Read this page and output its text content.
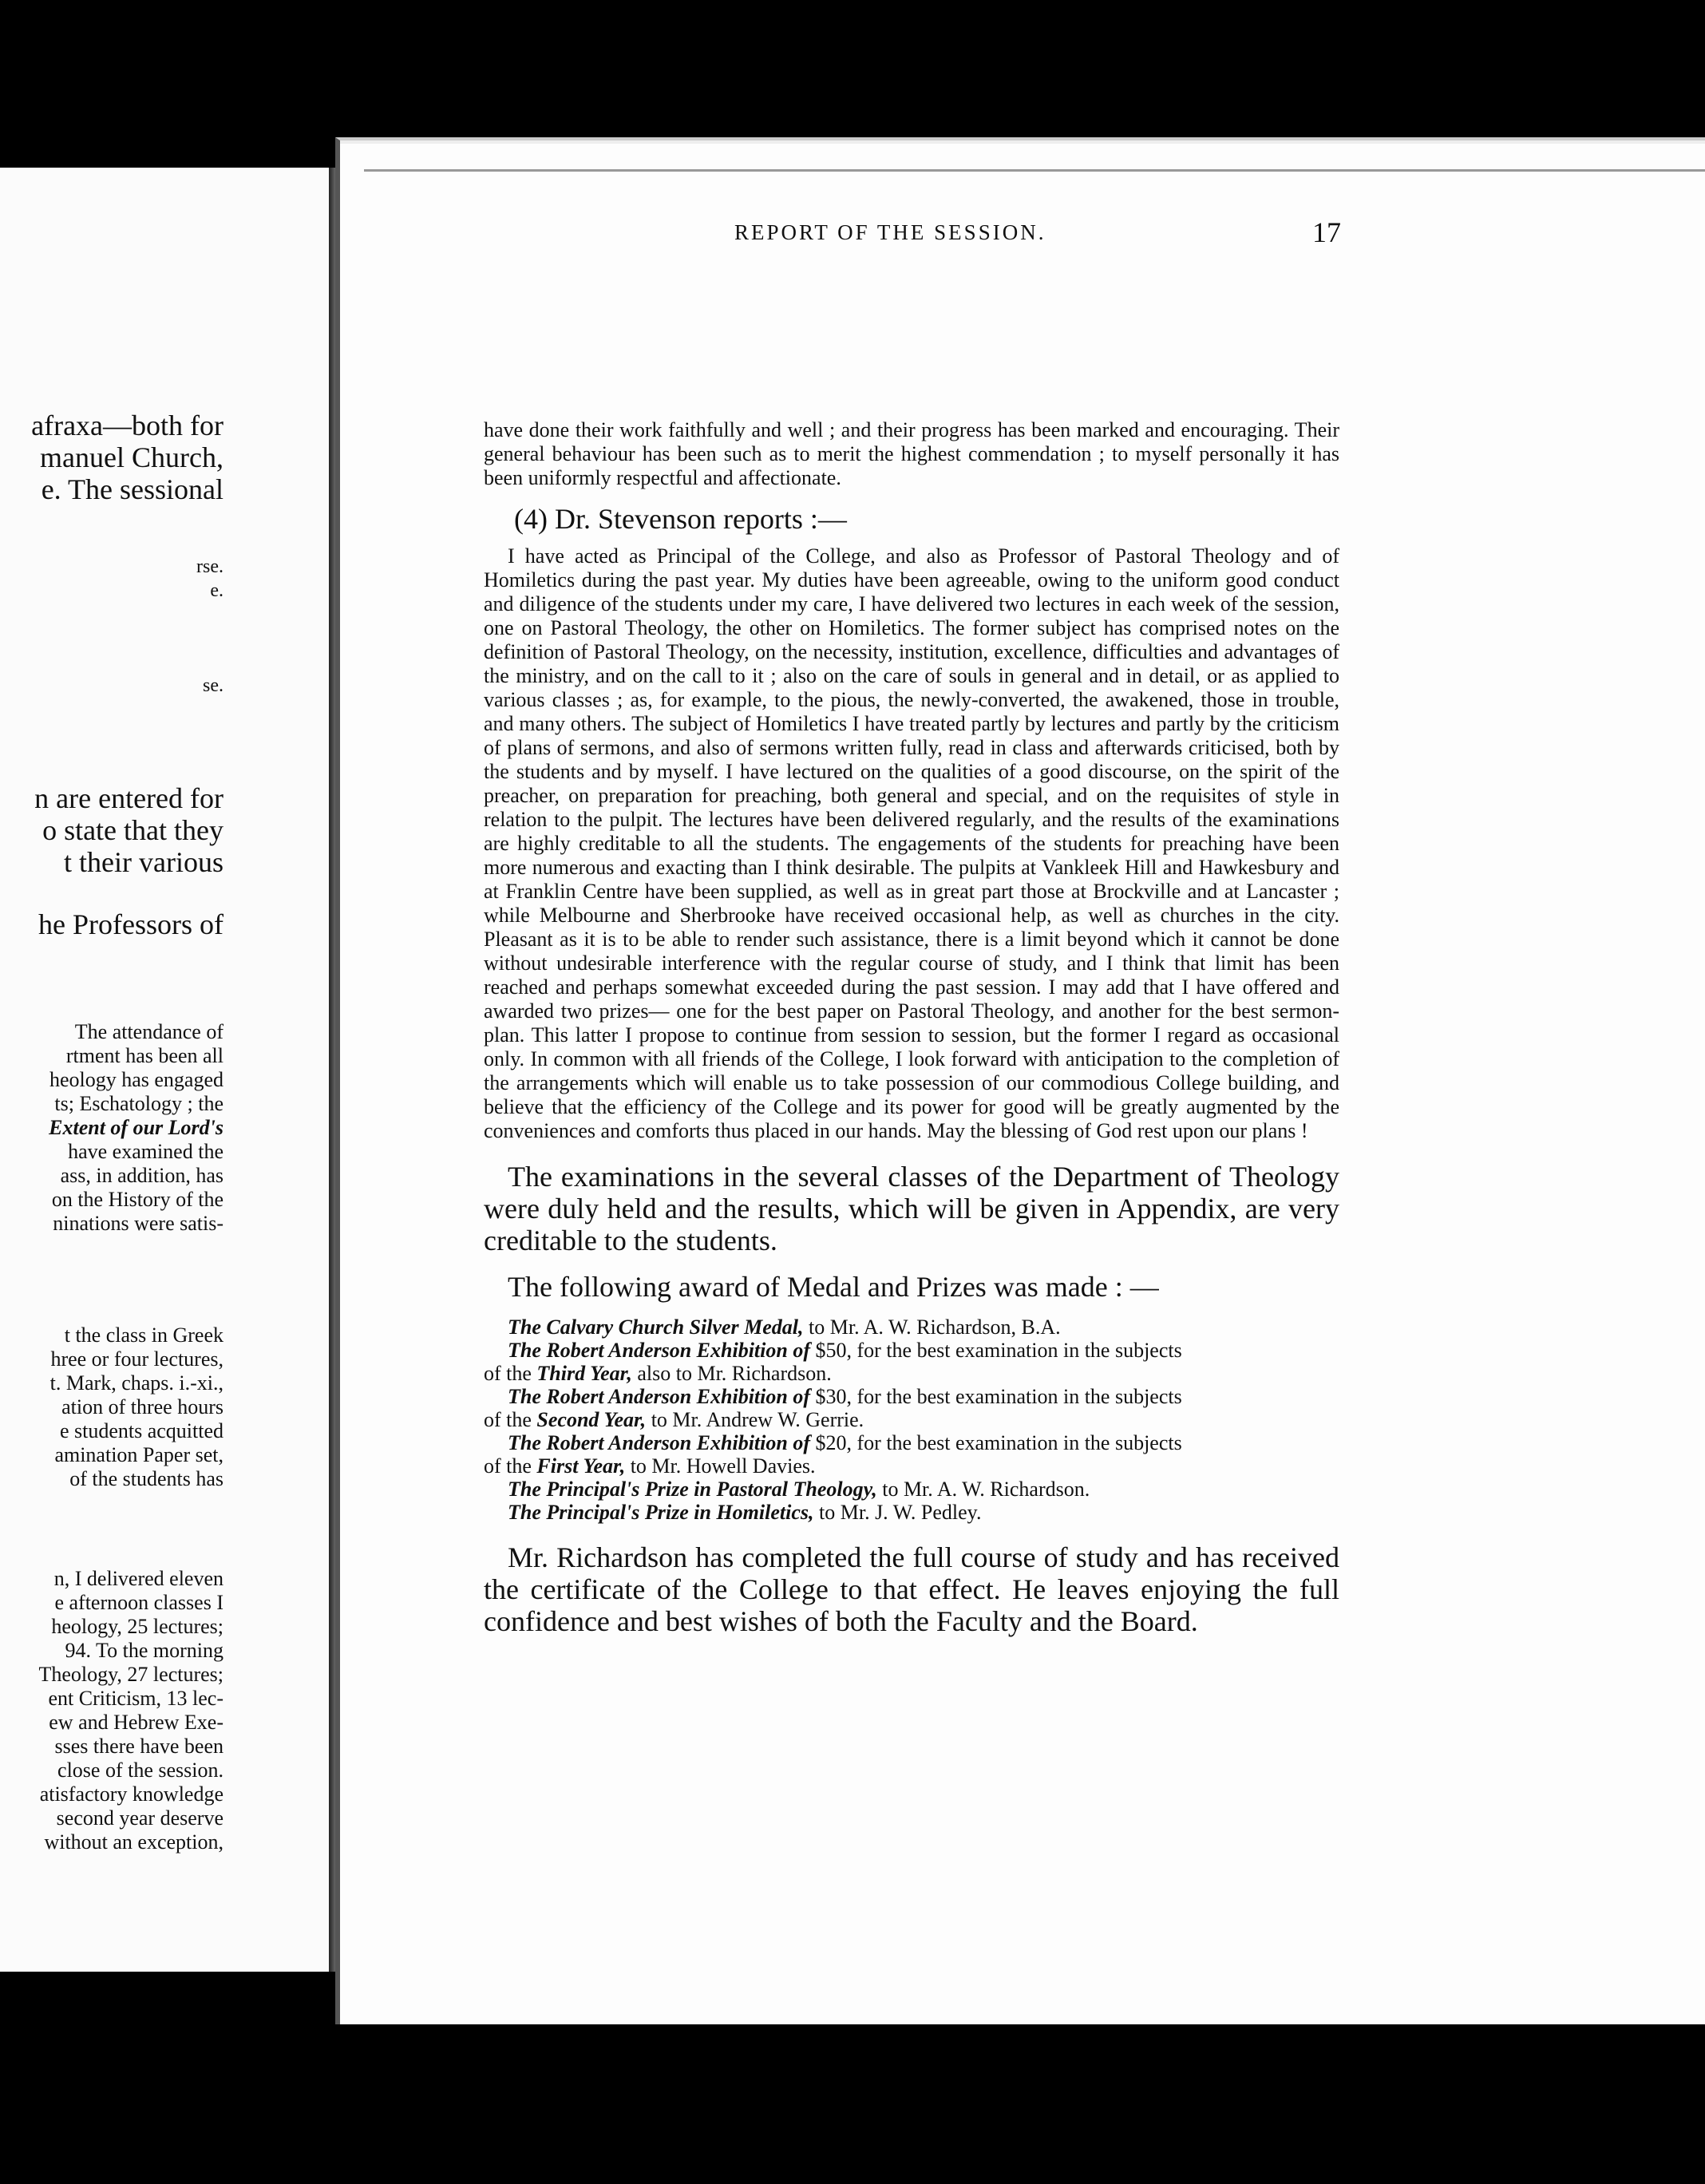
afraxa—both for
manuel Church,
e. The sessional
rse.
e.
se.
n are entered for
o state that they
t their various
he Professors of
The attendance of
rtment has been all
heology has engaged
ts; Eschatology ; the
Extent of our Lord's
have examined the
ass, in addition, has
on the History of the
ninations were satis-
t the class in Greek
hree or four lectures,
t. Mark, chaps. i.-xi.,
ation of three hours
e students acquitted
amination Paper set,
of the students has
n, I delivered eleven
e afternoon classes I
heology, 25 lectures;
94. To the morning
Theology, 27 lectures;
ent Criticism, 13 lec-
ew and Hebrew Exe-
sses there have been
close of the session.
atisfactory knowledge
second year deserve
without an exception,
REPORT OF THE SESSION.	17

have done their work faithfully and well ; and their progress has been marked and encouraging. Their general behaviour has been such as to merit the highest commendation ; to myself personally it has been uniformly respectful and affectionate.

(4) Dr. Stevenson reports :—

I have acted as Principal of the College, and also as Professor of Pastoral Theology and of Homiletics during the past year. My duties have been agreeable, owing to the uniform good conduct and diligence of the students under my care, I have delivered two lectures in each week of the session, one on Pastoral Theology, the other on Homiletics. The former subject has comprised notes on the definition of Pastoral Theology, on the necessity, institution, excellence, difficulties and advantages of the ministry, and on the call to it ; also on the care of souls in general and in detail, or as applied to various classes ; as, for example, to the pious, the newly-converted, the awakened, those in trouble, and many others. The subject of Homiletics I have treated partly by lectures and partly by the criticism of plans of sermons, and also of sermons written fully, read in class and afterwards criticised, both by the students and by myself. I have lectured on the qualities of a good discourse, on the spirit of the preacher, on preparation for preaching, both general and special, and on the requisites of style in relation to the pulpit. The lectures have been delivered regularly, and the results of the examinations are highly creditable to all the students. The engagements of the students for preaching have been more numerous and exacting than I think desirable. The pulpits at Vankleek Hill and Hawkesbury and at Franklin Centre have been supplied, as well as in great part those at Brockville and at Lancaster ; while Melbourne and Sherbrooke have received occasional help, as well as churches in the city. Pleasant as it is to be able to render such assistance, there is a limit beyond which it cannot be done without undesirable interference with the regular course of study, and I think that limit has been reached and perhaps somewhat exceeded during the past session. I may add that I have offered and awarded two prizes— one for the best paper on Pastoral Theology, and another for the best sermon-plan. This latter I propose to continue from session to session, but the former I regard as occasional only. In common with all friends of the College, I look forward with anticipation to the completion of the arrangements which will enable us to take possession of our commodious College building, and believe that the efficiency of the College and its power for good will be greatly augmented by the conveniences and comforts thus placed in our hands. May the blessing of God rest upon our plans !

The examinations in the several classes of the Department of Theology were duly held and the results, which will be given in Appendix, are very creditable to the students.

The following award of Medal and Prizes was made : —

The Calvary Church Silver Medal, to Mr. A. W. Richardson, B.A.
The Robert Anderson Exhibition of $50, for the best examination in the subjects
of the Third Year, also to Mr. Richardson.
The Robert Anderson Exhibition of $30, for the best examination in the subjects
of the Second Year, to Mr. Andrew W. Gerrie.
The Robert Anderson Exhibition of $20, for the best examination in the subjects
of the First Year, to Mr. Howell Davies.
The Principal's Prize in Pastoral Theology, to Mr. A. W. Richardson.
The Principal's Prize in Homiletics, to Mr. J. W. Pedley.

Mr. Richardson has completed the full course of study and has received the certificate of the College to that effect. He leaves enjoying the full confidence and best wishes of both the Faculty and the Board.
